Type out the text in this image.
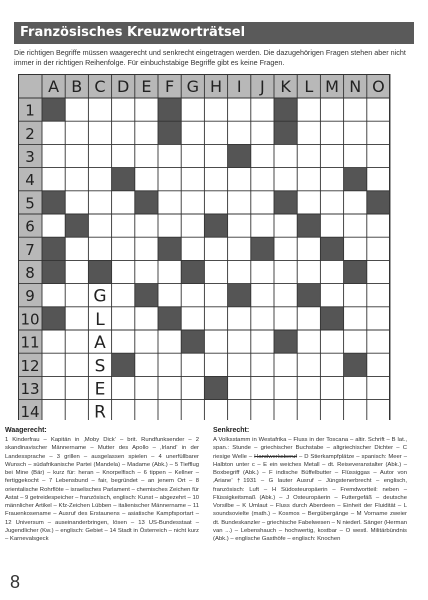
Französisches Kreuzworträtsel
Die richtigen Begriffe müssen waagerecht und senkrecht eingetragen werden. Die dazugehörigen Fragen stehen aber nicht immer in der richtigen Reihenfolge. Für einbuchstabige Begriffe gibt es keine Fragen.
A B C D E F G H I J K L M N O
1
2
3
4
5
6
7
8
9
10
11
12
13
14
G
L
A
S
E
R
Waagerecht:

1 Kinderfrau – Kapitän in ‚Moby Dick‘ – brit. Rundfunksender – 2 skandinavischer Männername – Mutter des Apollo – ‚Irland‘ in der Landessprache – 3 grillen – ausgelassen spielen – 4 unerfüllbarer Wunsch – südafrikanische Partei (Mandela) – Madame (Abk.) – 5 Tiefflug bei Mine (Bär) – kurz für: heran – Knorpelfisch – 6 tippen – Kellner – fertiggekocht – 7 Lebensbund – fair, begründet – an jenem Ort – 8 orientalische Rohrflöte – israelisches Parlament – chemisches Zeichen für Astat – 9 getreidespeicher – französisch, englisch: Kunst – abgezehrt – 10 männlicher Artikel – Kfz-Zeichen Lübben – italienischer Männername – 11 Frauenkosename – Ausruf des Erstaunens – asiatische Kampfsportart – 12 Universum – auseinanderbringen, lösen – 13 US-Bundesstaat – Jugendlicher (Kw.) – englisch: Gebiet – 14 Stadt in Österreich – nicht kurz – Karnevalsgeck

Senkrecht:

A Volksstamm in Westafrika – Fluss in der Toscana – altir. Schrift – B lat., span.: Stunde – griechischer Buchstabe – altgriechischer Dichter – C riesige Welle – Handwerksberuf – D Stierkampfplätze – spanisch: Meer – Halbton unter c – E ein weiches Metall – dt. Reiseveranstalter (Abk.) – Boxbegriff (Abk.) – F indische Büffelbutter – Flüssiggas – Autor von ‚Ariane‘ †1931 – G lauter Ausruf – Jüngstenerbrecht – englisch, französisch: Luft – H Südosteuropäerin – Fremdwortteil: neben – Flüssigkeitsmaß (Abk.) – J Osteuropäerin – Futtergefäß – deutsche Vorsilbe – K Umlaut – Fluss durch Aberdeen – Einheit der Fluidität – L soundsovielte (math.) – Kosmos – Bergübergänge – M Vorname zweier dt. Bundeskanzler – griechische Fabelwesen – N niederl. Sänger (Herman van ...) – Lebenshauch – hochwertig, kostbar – O westl. Militärbündnis (Abk.) – englische Gasthöfe – englisch: Knochen

8
